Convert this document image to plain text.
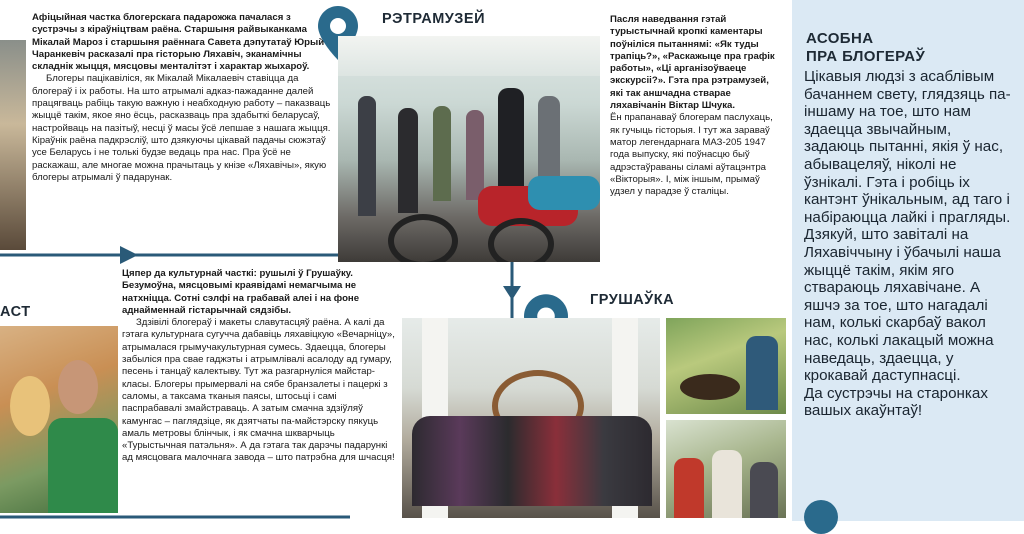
Афіцыйная частка блогерскага падарожжа пачалася з сустрэчы з кіраўніцтвам раёна. Старшыня райвыканкама Мікалай Мароз і старшыня раённага Савета дэпутатаў Юрый Чаранкевіч расказалі пра гісторыю Ляхавіч, эканамічны складнік жыцця, мясцовы менталітэт і характар жыхароў.

Блогеры пацікавіліся, як Мікалай Мікалаевіч ставіцца да блогераў і іх работы. На што атрымалі адказ-пажаданне далей працягваць рабіць такую важную і неабходную работу – паказваць жыццё такім, якое яно ёсць, расказваць пра здабыткі беларусаў, настройваць на пазітыў, несці ў масы ўсё лепшае з нашага жыцця. Кіраўнік раёна падкрэсліў, што дзякуючы цікавай падачы сюжэтаў усе Беларусь і не толькі будзе ведаць пра нас. Пра ўсё не раскажаш, але многае можна прачытаць у кнізе «Ляхавічы», якую блогеры атрымалі ў падарунак.

РЭТРАМУЗЕЙ	Пасля наведвання гэтай турыстычнай кропкі каментары поўніліся пытаннямі: «Як туды трапіць?», «Раскажыце пра графік работы», «Ці арганізоўваеце экскурсіі?». Гэта пра рэтрамузей, які так аншчадна стварае ляхавічанін Віктар Шчука.

Ён прапанаваў блогерам паслухаць, як гучыць гісторыя. І тут жа зараваў матор легендарнага МАЗ-205 1947 года выпуску, які поўнасцю быў адрэстаўраваны сіламі аўтацэнтра «Вікторыя». І, між іншым, прымаў удзел у парадзе ў сталіцы.

АСТ

Цяпер да культурнай часткі: рушылі ў Грушаўку. Безумоўна, мясцовымі краявідамі немагчыма не натхніцца. Сотні сэлфі на грабавай алеі і на фоне аднайменнай гістарычнай сядзібы.

Здзівілі блогераў і макеты славутасцяў раёна. А калі да гэтага культурнага сугучча дабавіць ляхавіцкую «Вечарніцу», атрымалася грымучакультурная сумесь. Здаецца, блогеры забыліся пра свае гаджэты і атрымлівалі асалоду ад гумару, песень і танцаў калектыву. Тут жа разгарнуліся майстар-класы. Блогеры прымервалі на сябе бранзалеты і пацеркі з саломы, а таксама тканыя паясы, штосьці і самі паспрабавалі змайстраваць. А затым смачна здзіўляў камунгас – паглядзіце, як дзятчаты па-майстэрску пякуць амаль метровы блінчык, і як смачна шкварчыць «Турыстычная патэльня». А да гэтага так дарэчы падарункі ад мясцовага малочнага завода – што патрэбна для шчасця!

ГРУШАЎКА
АСОБНА
ПРА БЛОГЕРАЎ

Цікавыя людзі з асаблівым бачаннем свету, глядзяць па-іншаму на тое, што нам здаецца звычайным, задаюць пытанні, якія ў нас, абывацеляў, ніколі не ўзнікалі. Гэта і робіць іх кантэнт ўнікальным, ад таго і набіраюцца лайкі і прагляды. Дзякуй, што завіталі на Ляхавіччыну і ўбачылі наша жыццё такім, якім яго ствараюць ляхавічане. А яшчэ за тое, што нагадалі нам, колькі скарбаў вакол нас, колькі лакацый можна наведаць, здаецца, у крокавай даступнасці.
Да сустрэчы на старонках вашых акаўнтаў!
